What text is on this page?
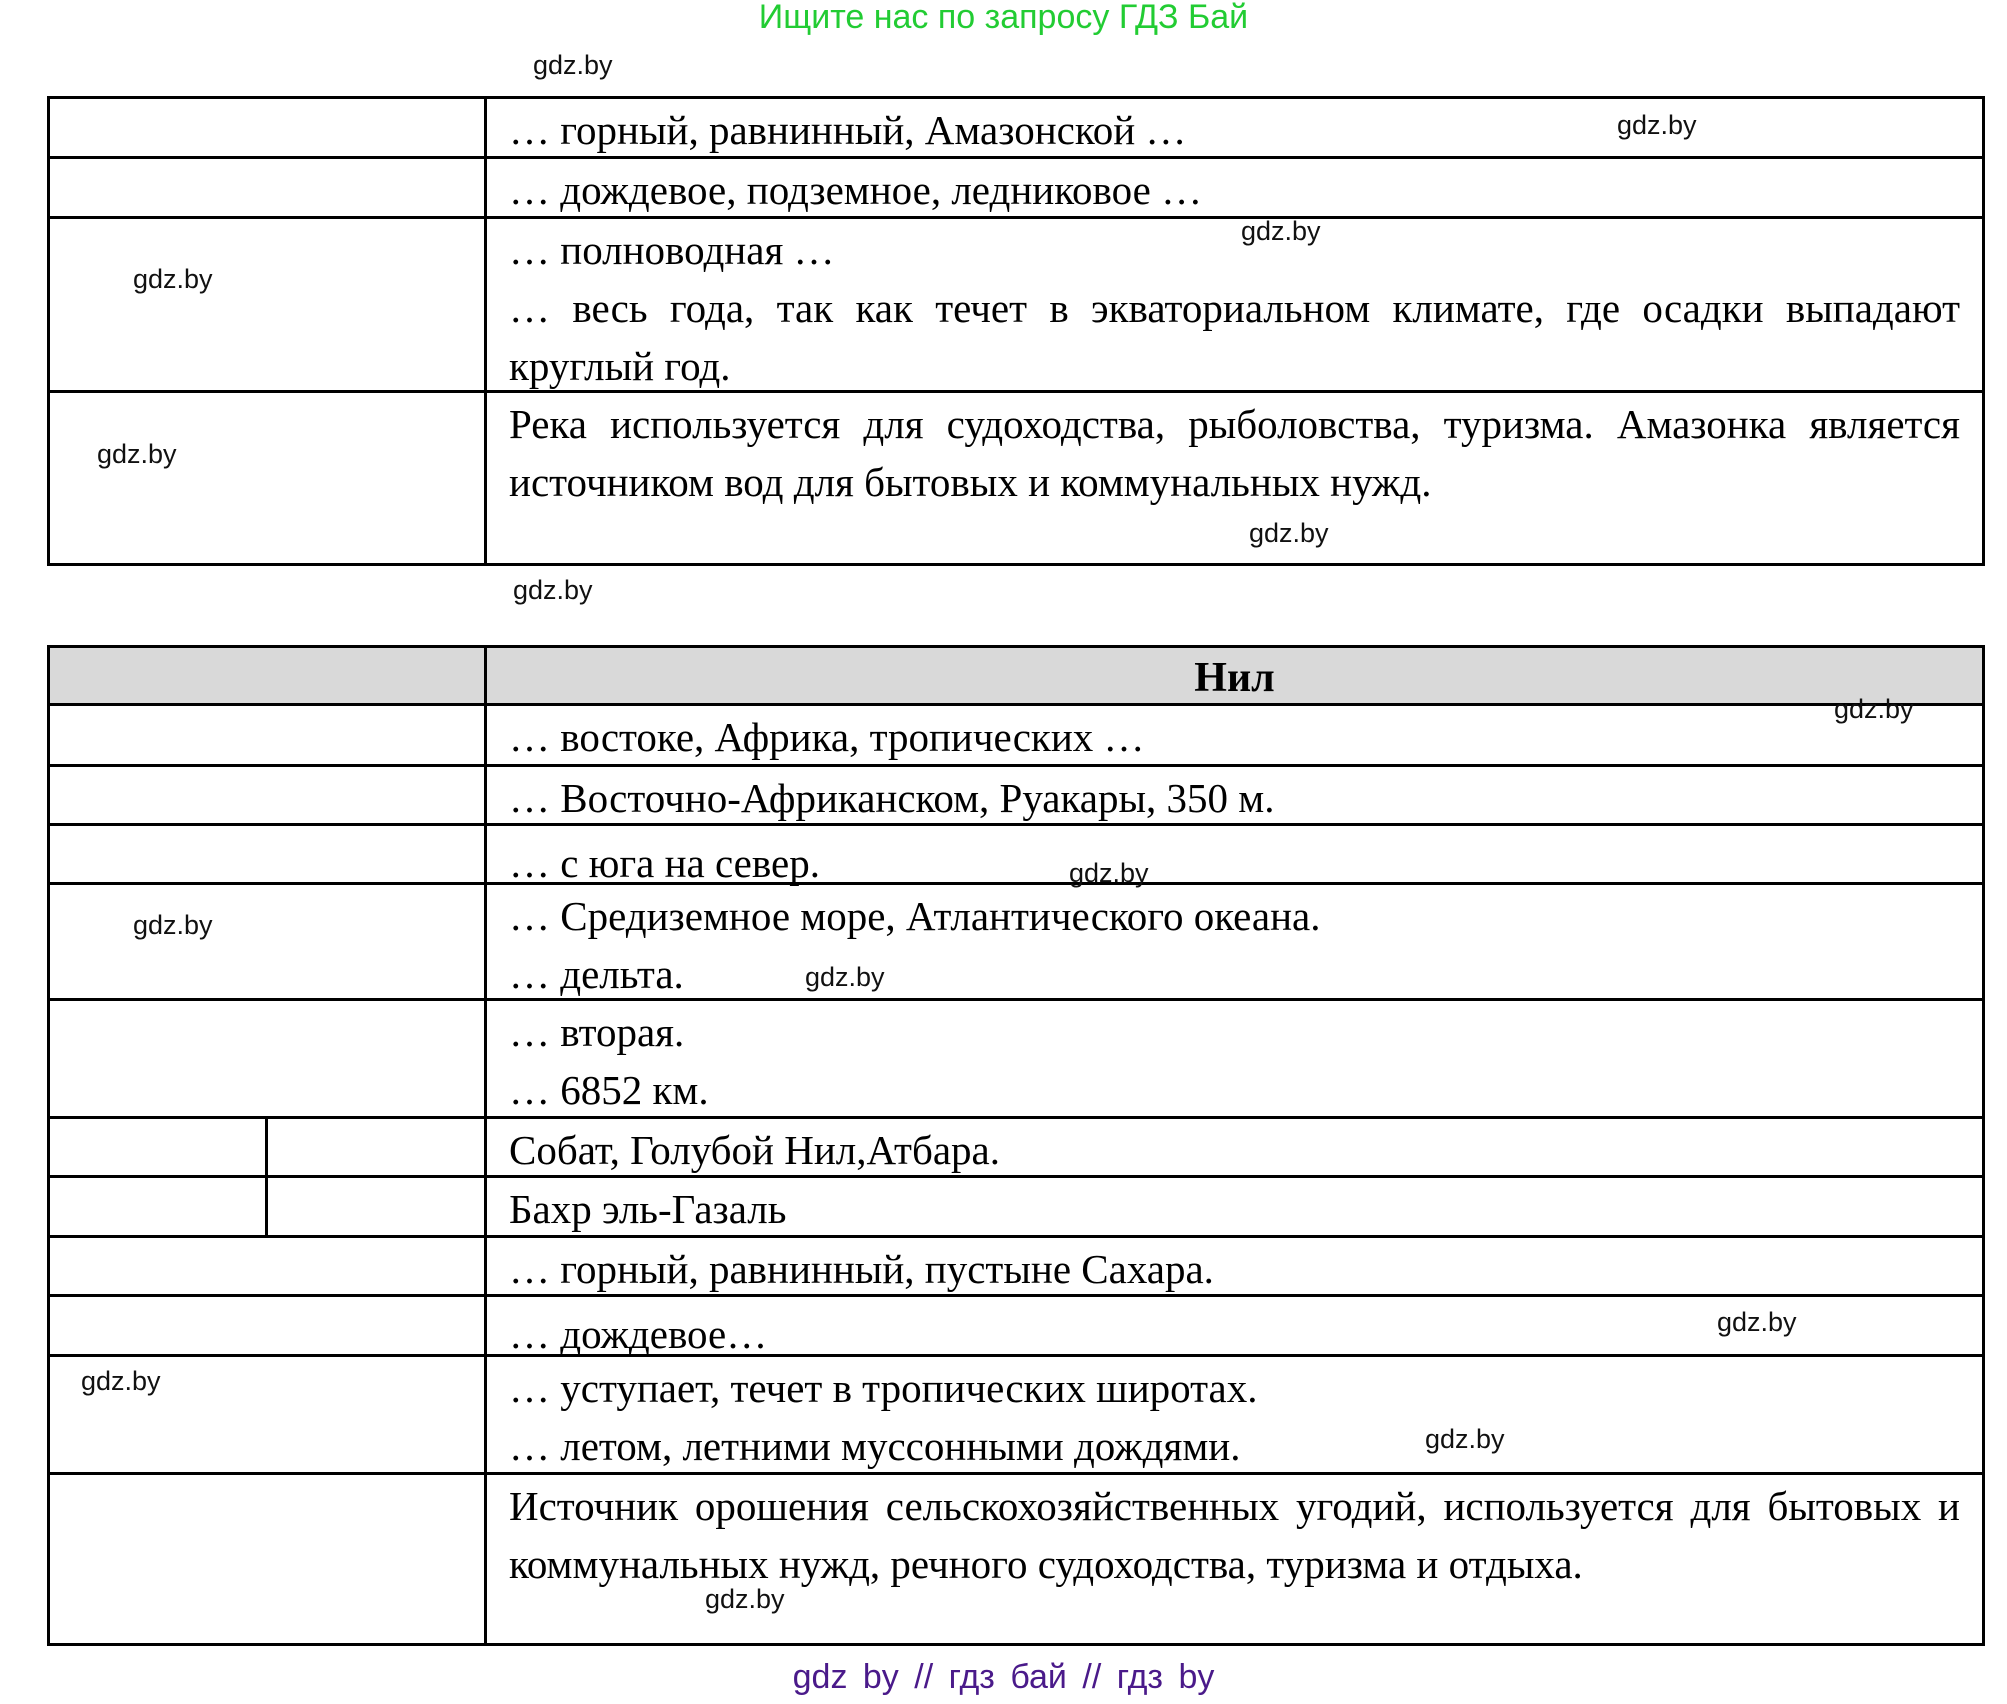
Ищите нас по запросу ГДЗ Бай
gdz.by
gdz.by
gdz.by
gdz.by
gdz.by
gdz.by
gdz.by
… горный, равнинный, Амазонской …
… дождевое, подземное, ледниковое …
… полноводная …
… весь года, так как течет в экваториальном климате, где осадки выпадают круглый год.
Река используется для судоходства, рыболовства, туризма. Амазонка является источником вод для бытовых и коммунальных нужд.
gdz.by
gdz.by
gdz.by
gdz.by
gdz.by
gdz.by
gdz.by
gdz.by
Нил
… востоке, Африка, тропических …
… Восточно-Африканском, Руакары, 350 м.
… с юга на север.
… Средиземное море, Атлантического океана.
… дельта.
… вторая.
… 6852 км.
Собат, Голубой Нил,Атбара.
Бахр эль-Газаль
… горный, равнинный, пустыне Сахара.
… дождевое…
… уступает, течет в тропических широтах.
… летом, летними муссонными дождями.
Источник орошения сельскохозяйственных угодий, используется для бытовых и коммунальных нужд, речного судоходства, туризма и отдыха.
gdz by // гдз бай // гдз by
